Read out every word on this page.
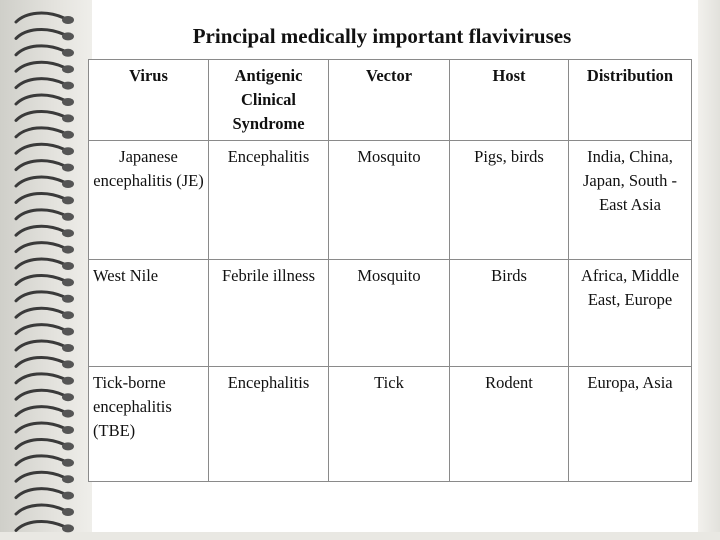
Principal medically important flaviviruses
Virus	Antigenic Clinical Syndrome	Vector	Host	Distribution
Japanese encephalitis (JE)	Encephalitis	Mosquito	Pigs, birds	India, China, Japan, South -East Asia
West Nile	Febrile illness	Mosquito	Birds	Africa, Middle East, Europe
Tick-borne encephalitis (TBE)	Encephalitis	Tick	Rodent	Europa, Asia
